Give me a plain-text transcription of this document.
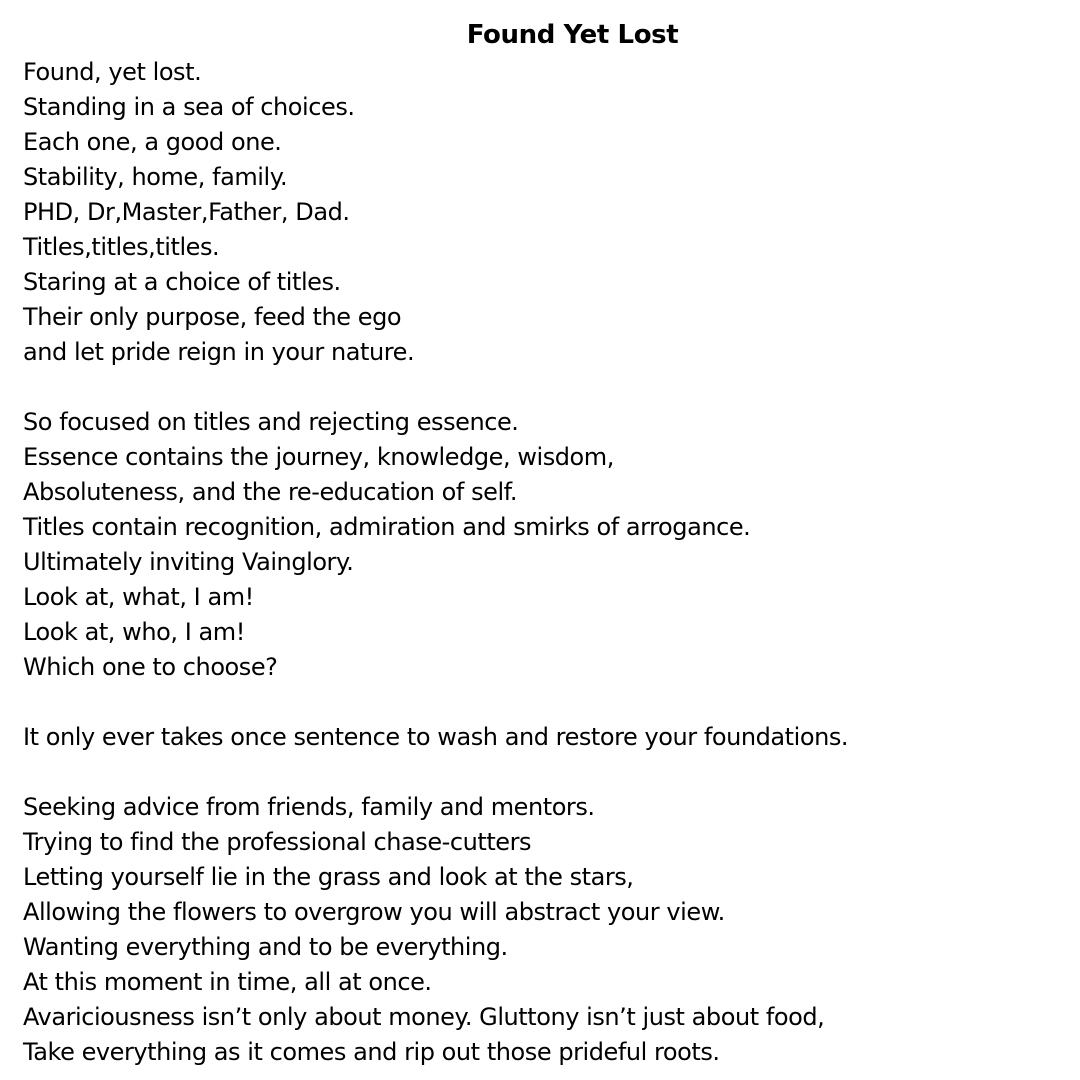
Found Yet Lost
Found, yet lost.
Standing in a sea of choices.
Each one, a good one.
Stability, home, family.
PHD, Dr,Master,Father, Dad.
Titles,titles,titles.
Staring at a choice of titles.
Their only purpose, feed the ego
and let pride reign in your nature.
So focused on titles and rejecting essence.
Essence contains the journey, knowledge, wisdom,
Absoluteness, and the re-education of self.
Titles contain recognition, admiration and smirks of arrogance.
Ultimately inviting Vainglory.
Look at, what, I am!
Look at, who, I am!
Which one to choose?
It only ever takes once sentence to wash and restore your foundations.
Seeking advice from friends, family and mentors.
Trying to find the professional chase-cutters
Letting yourself lie in the grass and look at the stars,
Allowing the flowers to overgrow you will abstract your view.
Wanting everything and to be everything.
At this moment in time, all at once.
Avariciousness isn’t only about money. Gluttony isn’t just about food,
Take everything as it comes and rip out those prideful roots.
